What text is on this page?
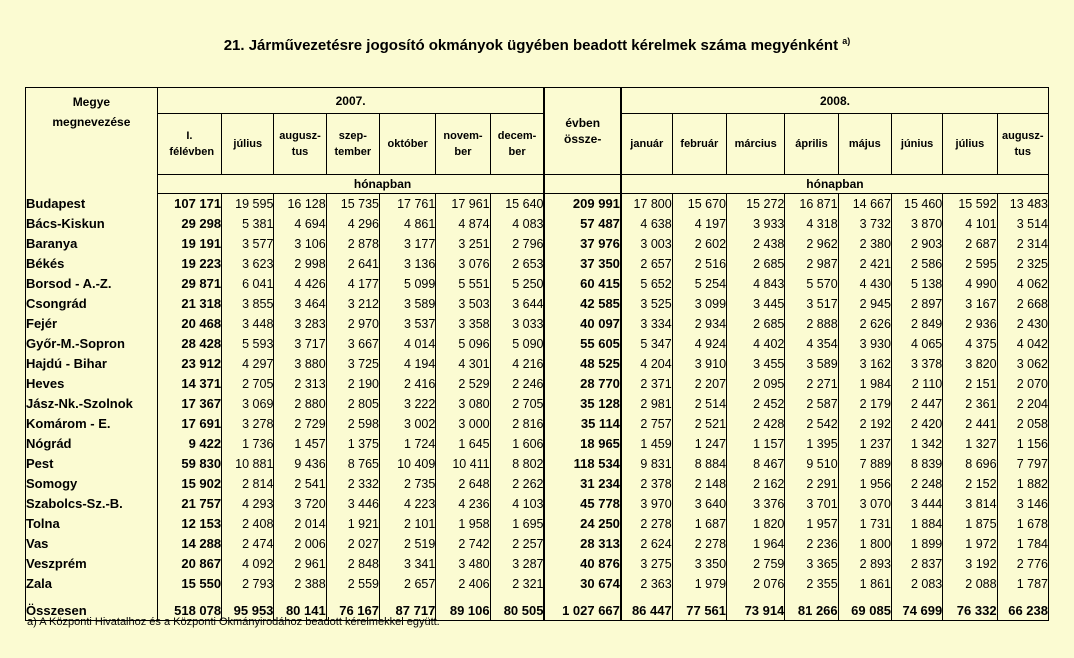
21. Járművezetésre jogosító okmányok ügyében beadott kérelmek száma megyénként $^{a)}$
Megye megnevezése	2007.							évben össze-	2008.							

	I. félévben	július	augusz- tus	szep- tember	október	novem- ber	decem- ber		január	február	március	április	május	június	július	augusz- tus

		hónapban							hónapban							
Budapest	107 171	19 595	16 128	15 735	17 761	17 961	15 640	209 991	17 800	15 670	15 272	16 871	14 667	15 460	15 592	13 483
Bács-Kiskun	29 298	5 381	4 694	4 296	4 861	4 874	4 083	57 487	4 638	4 197	3 933	4 318	3 732	3 870	4 101	3 514
Baranya	19 191	3 577	3 106	2 878	3 177	3 251	2 796	37 976	3 003	2 602	2 438	2 962	2 380	2 903	2 687	2 314
Békés	19 223	3 623	2 998	2 641	3 136	3 076	2 653	37 350	2 657	2 516	2 685	2 987	2 421	2 586	2 595	2 325
Borsod - A.-Z.	29 871	6 041	4 426	4 177	5 099	5 551	5 250	60 415	5 652	5 254	4 843	5 570	4 430	5 138	4 990	4 062
Csongrád	21 318	3 855	3 464	3 212	3 589	3 503	3 644	42 585	3 525	3 099	3 445	3 517	2 945	2 897	3 167	2 668
Fejér	20 468	3 448	3 283	2 970	3 537	3 358	3 033	40 097	3 334	2 934	2 685	2 888	2 626	2 849	2 936	2 430
Győr-M.-Sopron	28 428	5 593	3 717	3 667	4 014	5 096	5 090	55 605	5 347	4 924	4 402	4 354	3 930	4 065	4 375	4 042
Hajdú - Bihar	23 912	4 297	3 880	3 725	4 194	4 301	4 216	48 525	4 204	3 910	3 455	3 589	3 162	3 378	3 820	3 062
Heves	14 371	2 705	2 313	2 190	2 416	2 529	2 246	28 770	2 371	2 207	2 095	2 271	1 984	2 110	2 151	2 070
Jász-Nk.-Szolnok	17 367	3 069	2 880	2 805	3 222	3 080	2 705	35 128	2 981	2 514	2 452	2 587	2 179	2 447	2 361	2 204
Komárom - E.	17 691	3 278	2 729	2 598	3 002	3 000	2 816	35 114	2 757	2 521	2 428	2 542	2 192	2 420	2 441	2 058
Nógrád	9 422	1 736	1 457	1 375	1 724	1 645	1 606	18 965	1 459	1 247	1 157	1 395	1 237	1 342	1 327	1 156
Pest	59 830	10 881	9 436	8 765	10 409	10 411	8 802	118 534	9 831	8 884	8 467	9 510	7 889	8 839	8 696	7 797
Somogy	15 902	2 814	2 541	2 332	2 735	2 648	2 262	31 234	2 378	2 148	2 162	2 291	1 956	2 248	2 152	1 882
Szabolcs-Sz.-B.	21 757	4 293	3 720	3 446	4 223	4 236	4 103	45 778	3 970	3 640	3 376	3 701	3 070	3 444	3 814	3 146
Tolna	12 153	2 408	2 014	1 921	2 101	1 958	1 695	24 250	2 278	1 687	1 820	1 957	1 731	1 884	1 875	1 678
Vas	14 288	2 474	2 006	2 027	2 519	2 742	2 257	28 313	2 624	2 278	1 964	2 236	1 800	1 899	1 972	1 784
Veszprém	20 867	4 092	2 961	2 848	3 341	3 480	3 287	40 876	3 275	3 350	2 759	3 365	2 893	2 837	3 192	2 776
Zala	15 550	2 793	2 388	2 559	2 657	2 406	2 321	30 674	2 363	1 979	2 076	2 355	1 861	2 083	2 088	1 787
Összesen	518 078	95 953	80 141	76 167	87 717	89 106	80 505	1 027 667	86 447	77 561	73 914	81 266	69 085	74 699	76 332	66 238
a) A Központi Hivatalhoz és a Központi Okmányirodához beadott kérelmekkel együtt.
